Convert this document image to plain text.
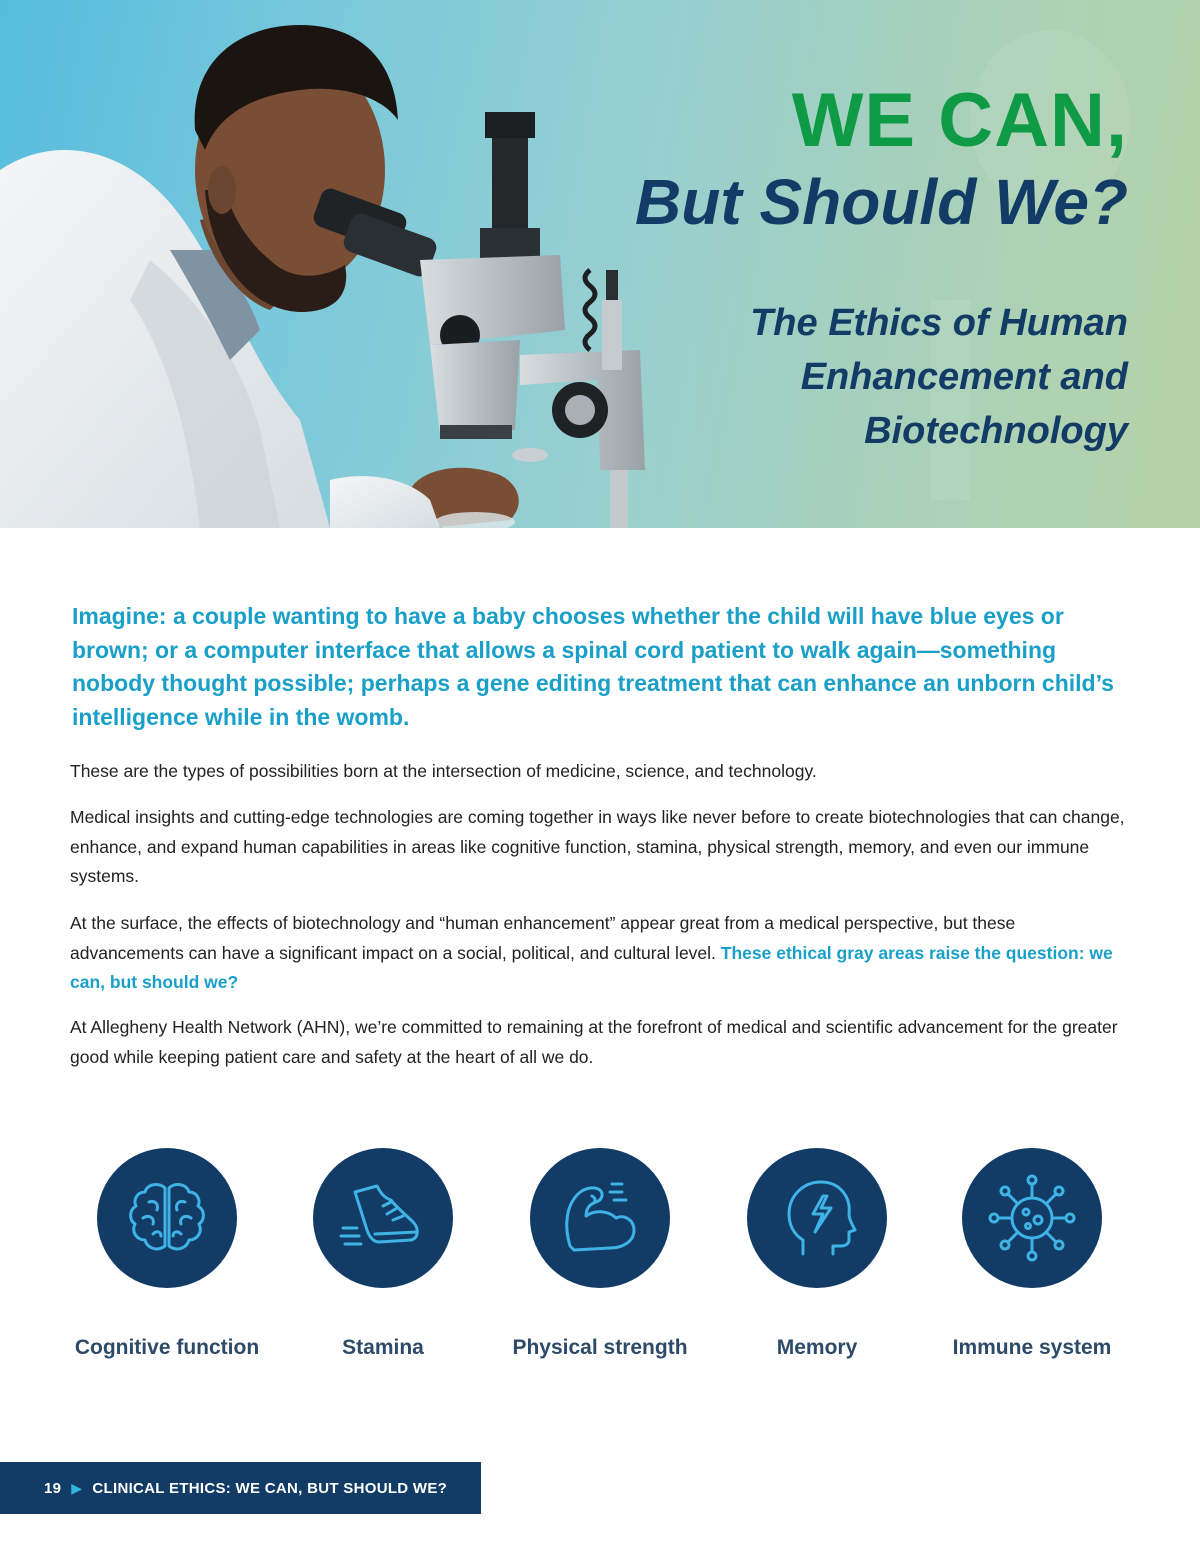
WE CAN,
But Should We?
The Ethics of Human Enhancement and Biotechnology
Imagine: a couple wanting to have a baby chooses whether the child will have blue eyes or brown; or a computer interface that allows a spinal cord patient to walk again—something nobody thought possible; perhaps a gene editing treatment that can enhance an unborn child’s intelligence while in the womb.
These are the types of possibilities born at the intersection of medicine, science, and technology.
Medical insights and cutting-edge technologies are coming together in ways like never before to create biotechnologies that can change, enhance, and expand human capabilities in areas like cognitive function, stamina, physical strength, memory, and even our immune systems.
At the surface, the effects of biotechnology and “human enhancement” appear great from a medical perspective, but these advancements can have a significant impact on a social, political, and cultural level. These ethical gray areas raise the question: we can, but should we?
At Allegheny Health Network (AHN), we’re committed to remaining at the forefront of medical and scientific advancement for the greater good while keeping patient care and safety at the heart of all we do.
Cognitive function	Stamina	Physical strength	Memory	Immune system
19 ▶ CLINICAL ETHICS: WE CAN, BUT SHOULD WE?
